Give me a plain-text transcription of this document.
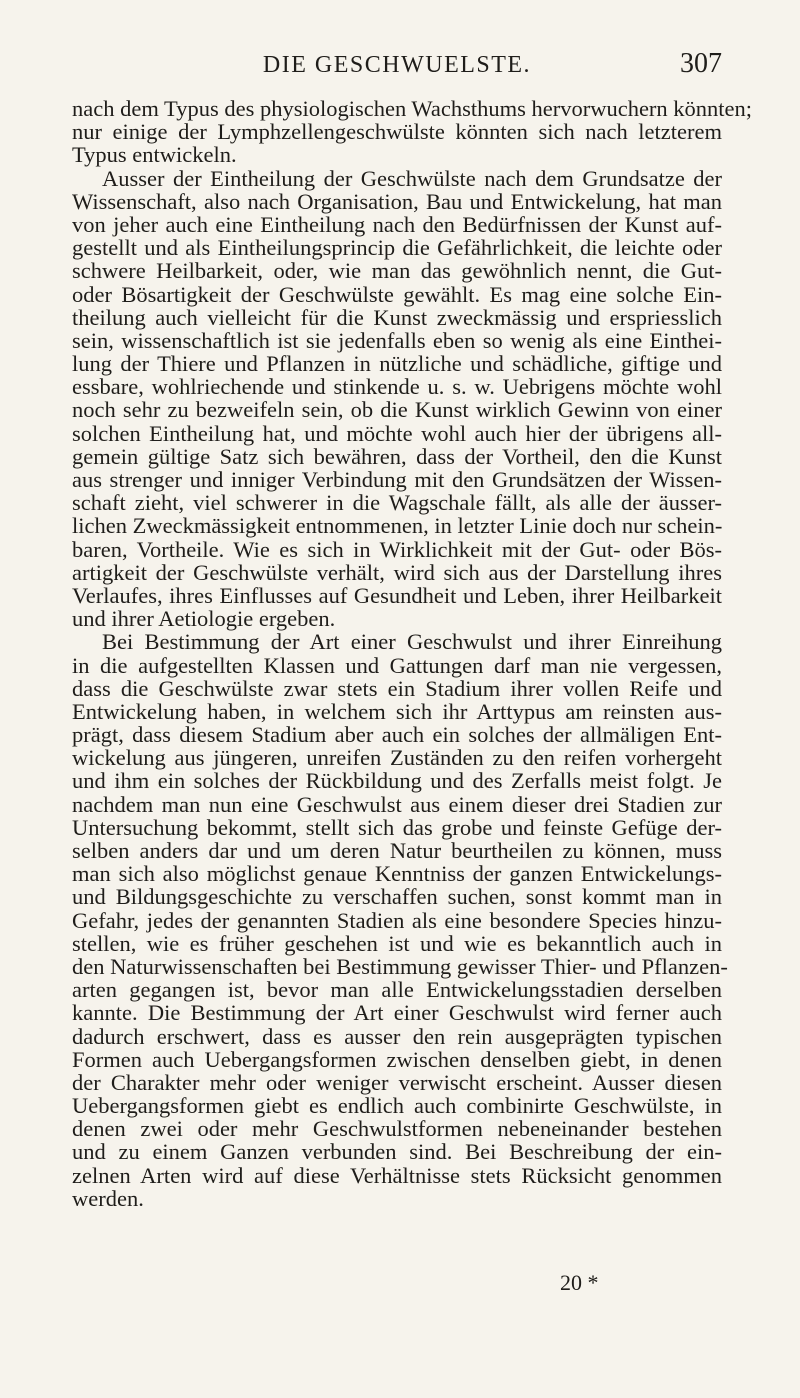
DIE GESCHWUELSTE.	307
nach dem Typus des physiologischen Wachsthums hervorwuchern könnten;
nur einige der Lymphzellengeschwülste könnten sich nach letzterem
Typus entwickeln.
Ausser der Eintheilung der Geschwülste nach dem Grundsatze der
Wissenschaft, also nach Organisation, Bau und Entwickelung, hat man
von jeher auch eine Eintheilung nach den Bedürfnissen der Kunst auf-
gestellt und als Eintheilungsprincip die Gefährlichkeit, die leichte oder
schwere Heilbarkeit, oder, wie man das gewöhnlich nennt, die Gut-
oder Bösartigkeit der Geschwülste gewählt. Es mag eine solche Ein-
theilung auch vielleicht für die Kunst zweckmässig und erspriesslich
sein, wissenschaftlich ist sie jedenfalls eben so wenig als eine Einthei-
lung der Thiere und Pflanzen in nützliche und schädliche, giftige und
essbare, wohlriechende und stinkende u. s. w. Uebrigens möchte wohl
noch sehr zu bezweifeln sein, ob die Kunst wirklich Gewinn von einer
solchen Eintheilung hat, und möchte wohl auch hier der übrigens all-
gemein gültige Satz sich bewähren, dass der Vortheil, den die Kunst
aus strenger und inniger Verbindung mit den Grundsätzen der Wissen-
schaft zieht, viel schwerer in die Wagschale fällt, als alle der äusser-
lichen Zweckmässigkeit entnommenen, in letzter Linie doch nur schein-
baren, Vortheile. Wie es sich in Wirklichkeit mit der Gut- oder Bös-
artigkeit der Geschwülste verhält, wird sich aus der Darstellung ihres
Verlaufes, ihres Einflusses auf Gesundheit und Leben, ihrer Heilbarkeit
und ihrer Aetiologie ergeben.
Bei Bestimmung der Art einer Geschwulst und ihrer Einreihung
in die aufgestellten Klassen und Gattungen darf man nie vergessen,
dass die Geschwülste zwar stets ein Stadium ihrer vollen Reife und
Entwickelung haben, in welchem sich ihr Arttypus am reinsten aus-
prägt, dass diesem Stadium aber auch ein solches der allmäligen Ent-
wickelung aus jüngeren, unreifen Zuständen zu den reifen vorhergeht
und ihm ein solches der Rückbildung und des Zerfalls meist folgt. Je
nachdem man nun eine Geschwulst aus einem dieser drei Stadien zur
Untersuchung bekommt, stellt sich das grobe und feinste Gefüge der-
selben anders dar und um deren Natur beurtheilen zu können, muss
man sich also möglichst genaue Kenntniss der ganzen Entwickelungs-
und Bildungsgeschichte zu verschaffen suchen, sonst kommt man in
Gefahr, jedes der genannten Stadien als eine besondere Species hinzu-
stellen, wie es früher geschehen ist und wie es bekanntlich auch in
den Naturwissenschaften bei Bestimmung gewisser Thier- und Pflanzen-
arten gegangen ist, bevor man alle Entwickelungsstadien derselben
kannte. Die Bestimmung der Art einer Geschwulst wird ferner auch
dadurch erschwert, dass es ausser den rein ausgeprägten typischen
Formen auch Uebergangsformen zwischen denselben giebt, in denen
der Charakter mehr oder weniger verwischt erscheint. Ausser diesen
Uebergangsformen giebt es endlich auch combinirte Geschwülste, in
denen zwei oder mehr Geschwulstformen nebeneinander bestehen
und zu einem Ganzen verbunden sind. Bei Beschreibung der ein-
zelnen Arten wird auf diese Verhältnisse stets Rücksicht genommen
werden.
20 *
